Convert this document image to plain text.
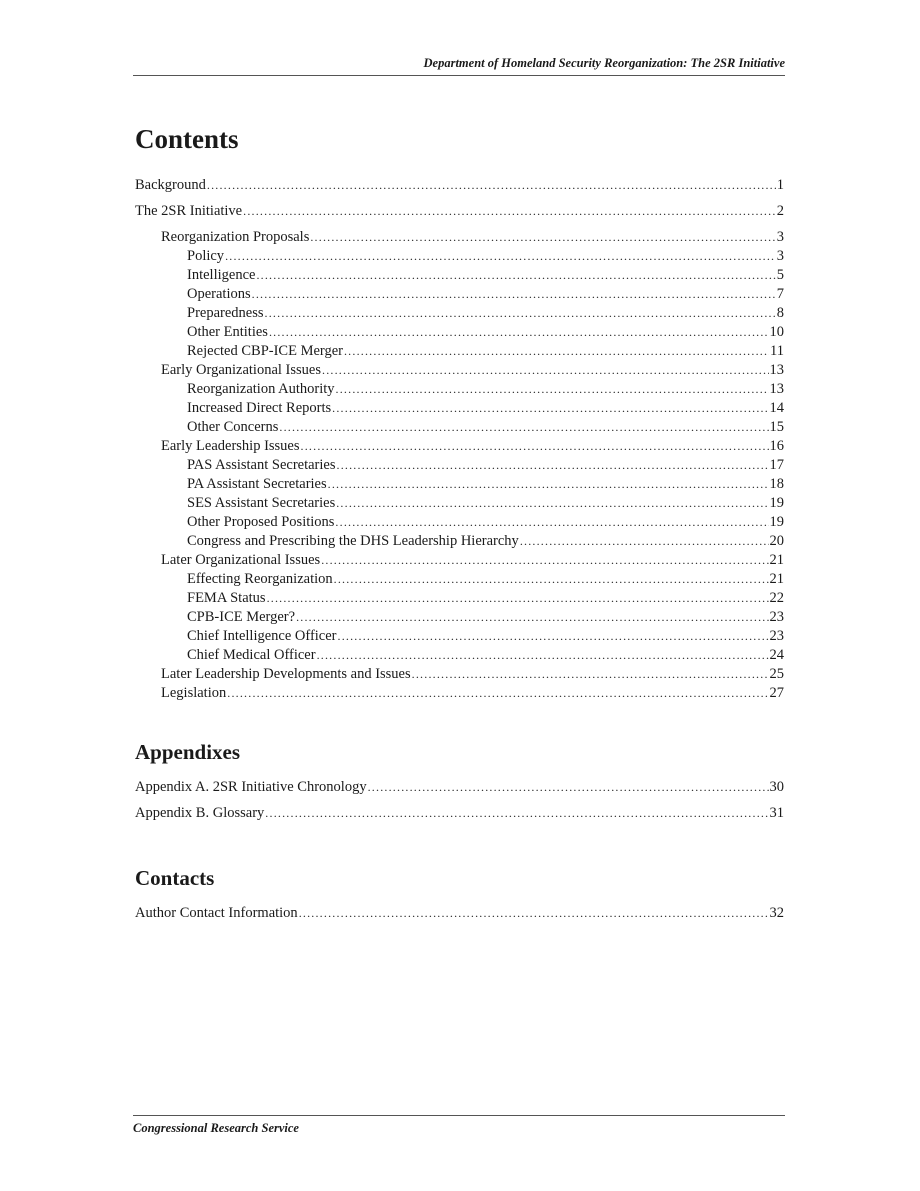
Department of Homeland Security Reorganization: The 2SR Initiative
Contents
Background .....	1
The 2SR Initiative .....	2
Reorganization Proposals .....	3
Policy .....	3
Intelligence .....	5
Operations .....	7
Preparedness .....	8
Other Entities .....	10
Rejected CBP-ICE Merger .....	11
Early Organizational Issues .....	13
Reorganization Authority .....	13
Increased Direct Reports .....	14
Other Concerns .....	15
Early Leadership Issues .....	16
PAS Assistant Secretaries .....	17
PA Assistant Secretaries .....	18
SES Assistant Secretaries .....	19
Other Proposed Positions .....	19
Congress and Prescribing the DHS Leadership Hierarchy .....	20
Later Organizational Issues .....	21
Effecting Reorganization .....	21
FEMA Status .....	22
CPB-ICE Merger? .....	23
Chief Intelligence Officer .....	23
Chief Medical Officer .....	24
Later Leadership Developments and Issues .....	25
Legislation .....	27
Appendixes
Appendix A. 2SR Initiative Chronology .....	30
Appendix B. Glossary .....	31
Contacts
Author Contact Information .....	32
Congressional Research Service
